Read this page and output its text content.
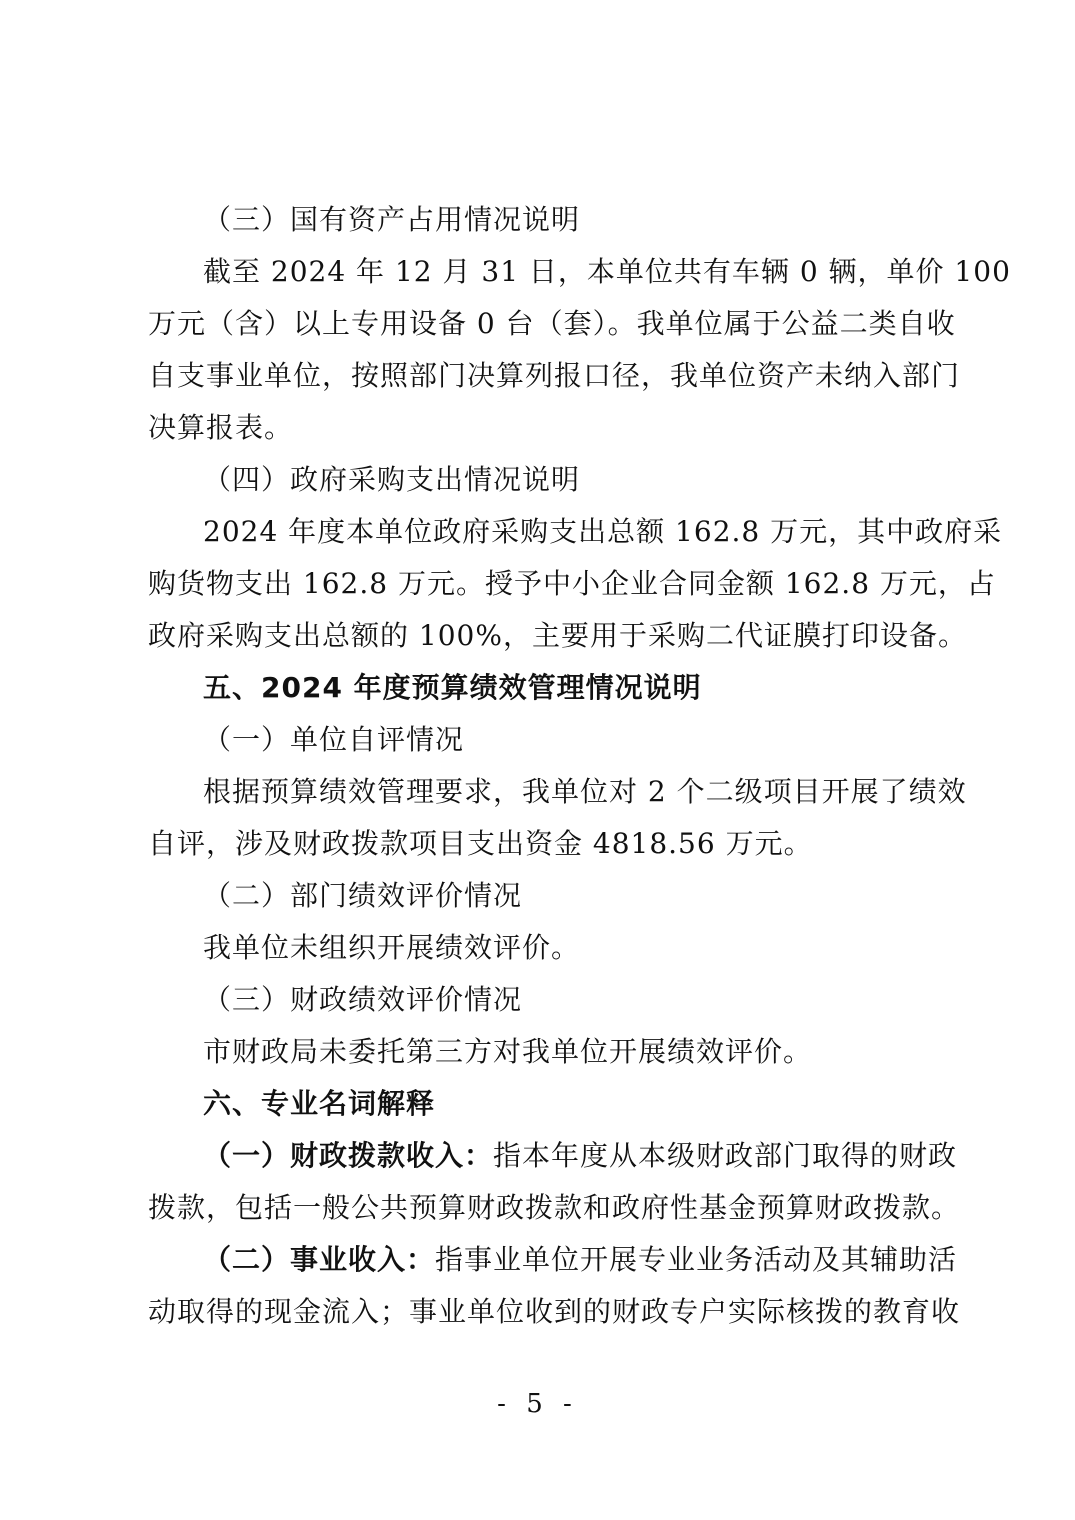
（三）国有资产占用情况说明
截至 2024 年 12 月 31 日，本单位共有车辆 0 辆，单价 100
万元（含）以上专用设备 0 台（套）。我单位属于公益二类自收
自支事业单位，按照部门决算列报口径，我单位资产未纳入部门
决算报表。
（四）政府采购支出情况说明
2024 年度本单位政府采购支出总额 162.8 万元，其中政府采
购货物支出 162.8 万元。授予中小企业合同金额 162.8 万元，占
政府采购支出总额的 100%，主要用于采购二代证膜打印设备。
五、2024 年度预算绩效管理情况说明
（一）单位自评情况
根据预算绩效管理要求，我单位对 2 个二级项目开展了绩效
自评，涉及财政拨款项目支出资金 4818.56 万元。
（二）部门绩效评价情况
我单位未组织开展绩效评价。
（三）财政绩效评价情况
市财政局未委托第三方对我单位开展绩效评价。
六、专业名词解释
（一）财政拨款收入：指本年度从本级财政部门取得的财政
拨款，包括一般公共预算财政拨款和政府性基金预算财政拨款。
（二）事业收入：指事业单位开展专业业务活动及其辅助活
动取得的现金流入；事业单位收到的财政专户实际核拨的教育收
- 5 -
